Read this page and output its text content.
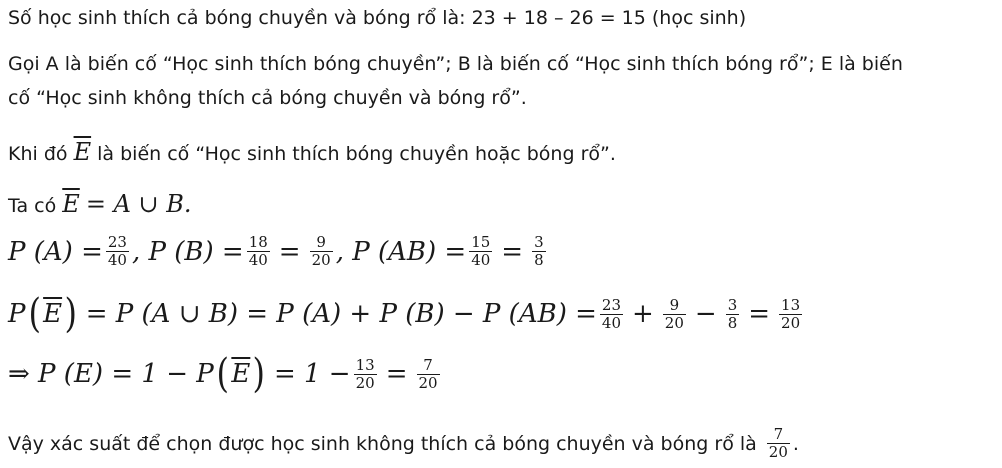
Số học sinh thích cả bóng chuyền và bóng rổ là: 23 + 18 – 26 = 15 (học sinh)
Gọi A là biến cố “Học sinh thích bóng chuyền”; B là biến cố “Học sinh thích bóng rổ”; E là biến
cố “Học sinh không thích cả bóng chuyền và bóng rổ”.
Khi đó $\overline{E}$ là biến cố “Học sinh thích bóng chuyền hoặc bóng rổ”.
Ta có $\overline{E} = A$ ∪ B.
P $(A) = \frac{23}{40}$ , P $(B) = \frac{18}{40} = \frac{9}{20}$ , P $(AB) = \frac{15}{40} = \frac{3}{8}$
P ( $\overline{E}$ ) = P (A ∪ B) = P (A) + P (B) − P $(AB) = \frac{23}{40} + \frac{9}{20} - \frac{3}{8} = \frac{13}{20}$
⇒ P (E) = 1 − P ( $\overline{E}$ ) = $1 - \frac{13}{20} = \frac{7}{20}$
Vậy xác suất để chọn được học sinh không thích cả bóng chuyền và bóng rổ là $\frac{7}{20}$ .
